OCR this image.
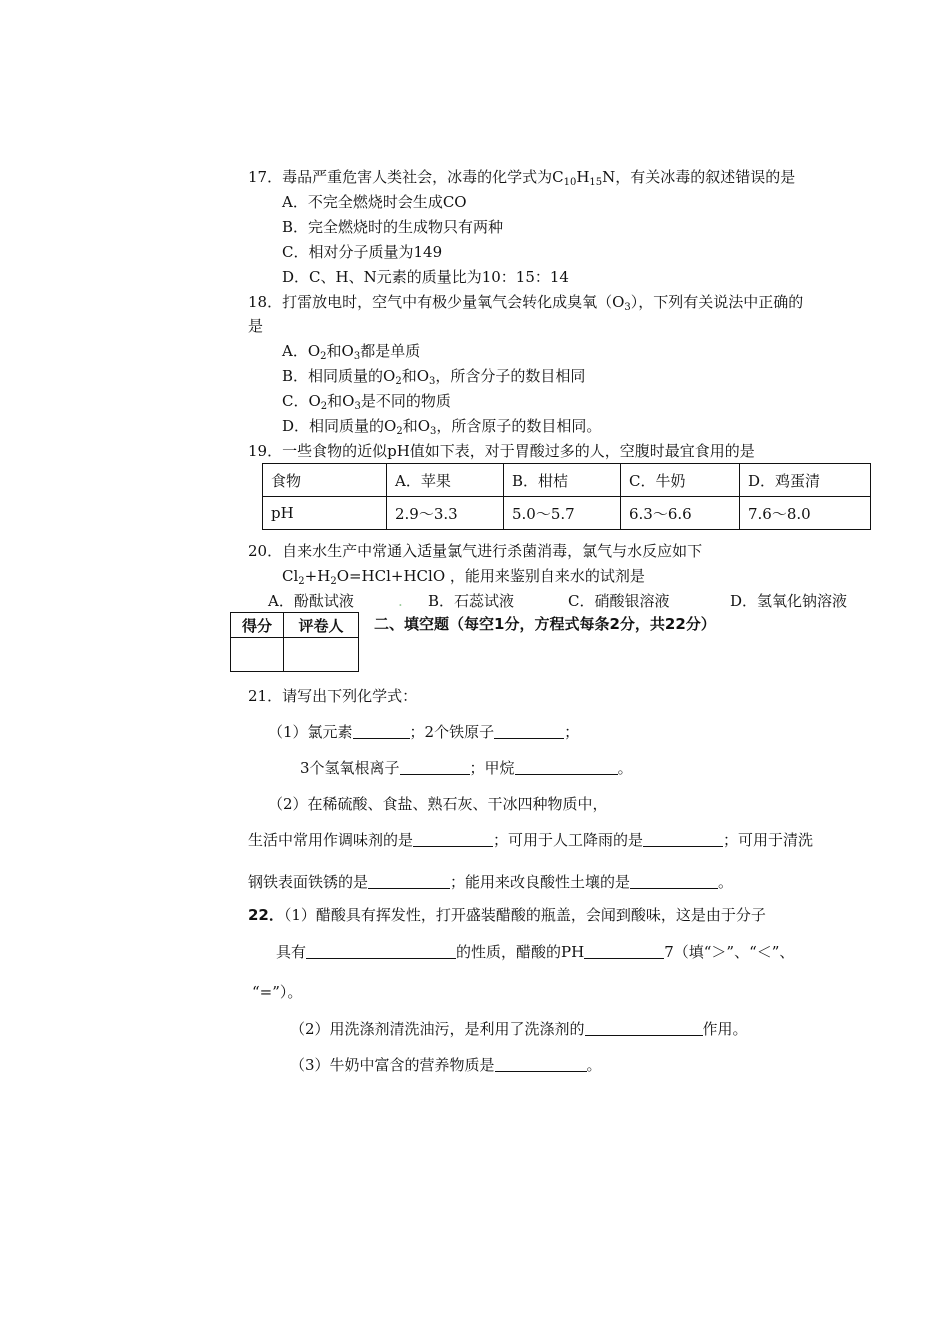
17．毒品严重危害人类社会，冰毒的化学式为$C_{10}H_{15}N$，有关冰毒的叙述错误的是
A．不完全燃烧时会生成CO
B．完全燃烧时的生成物只有两种
C．相对分子质量为149
D．C、H、N元素的质量比为10：15：14
18．打雷放电时，空气中有极少量氧气会转化成臭氧$(O_3)$，下列有关说法中正确的
是
A．$O_2$和$O_3$都是单质
B．相同质量的$O_2$和$O_3$，所含分子的数目相同
C．$O_2$和$O_3$是不同的物质
D．相同质量的$O_2$和$O_3$，所含原子的数目相同。
19．一些食物的近似pH值如下表，对于胃酸过多的人，空腹时最宜食用的是
食物	A．苹果	B．柑桔	C．牛奶	D．鸡蛋清
pH	2.9～3.3	5.0～5.7	6.3～6.6	7.6～8.0
20．自来水生产中常通入适量氯气进行杀菌消毒，氯气与水反应如下
$Cl_2+H_2O=HCl+HClO$ ，能用来鉴别自来水的试剂是
A．酚酞试液	. B．石蕊试液	C．硝酸银溶液	D．氢氧化钠溶液
得分	评卷人
	二、填空题（每空1分，方程式每条2分，共22分）
21．请写出下列化学式：
（1）氯元素	；2个铁原子	；
3个氢氧根离子	；甲烷	。
（2）在稀硫酸、食盐、熟石灰、干冰四种物质中，
生活中常用作调味剂的是	；可用于人工降雨的是	；可用于清洗
钢铁表面铁锈的是	；能用来改良酸性土壤的是	。
22．（1）醋酸具有挥发性，打开盛装醋酸的瓶盖，会闻到酸味，这是由于分子
具有	的性质，醋酸的PH	7（填“＞”、“＜”、
“=”）。
（2）用洗涤剂清洗油污，是利用了洗涤剂的	作用。
（3）牛奶中富含的营养物质是	。
